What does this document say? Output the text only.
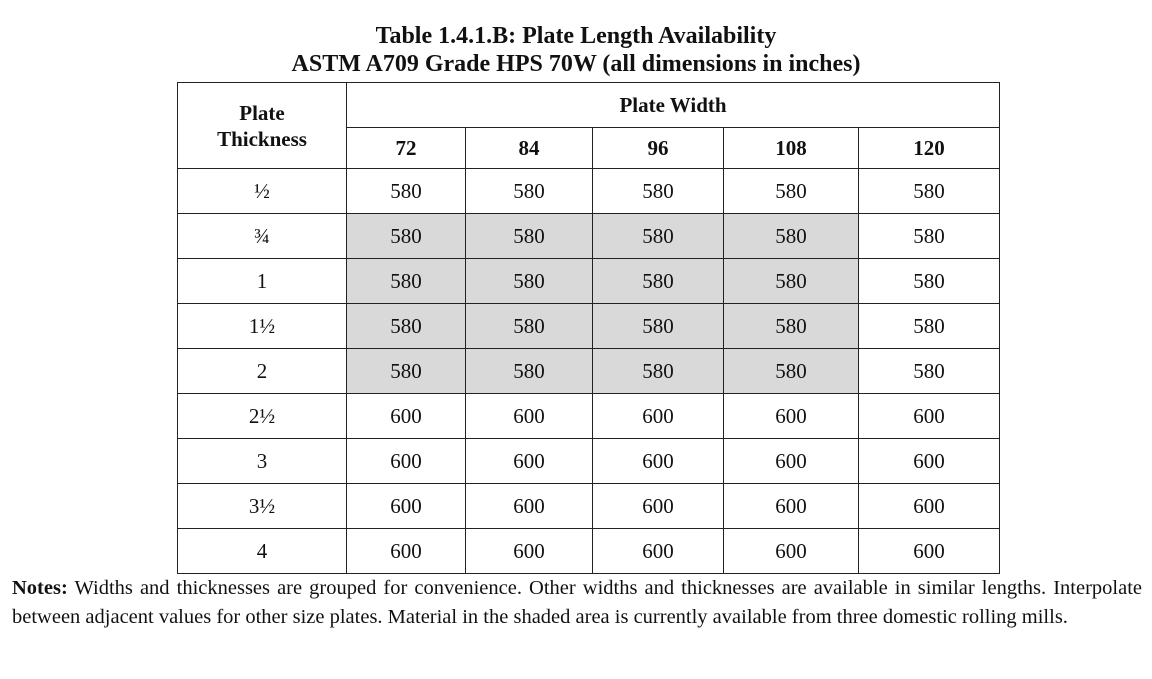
Table 1.4.1.B: Plate Length Availability
ASTM A709 Grade HPS 70W (all dimensions in inches)
Plate
Thickness	Plate Width				
	72	84	96	108	120
½	580	580	580	580	580
¾	580	580	580	580	580
1	580	580	580	580	580
1½	580	580	580	580	580
2	580	580	580	580	580
2½	600	600	600	600	600
3	600	600	600	600	600
3½	600	600	600	600	600
4	600	600	600	600	600
Notes: Widths and thicknesses are grouped for convenience. Other widths and thicknesses are available in similar lengths. Interpolate between adjacent values for other size plates. Material in the shaded area is currently available from three domestic rolling mills.
